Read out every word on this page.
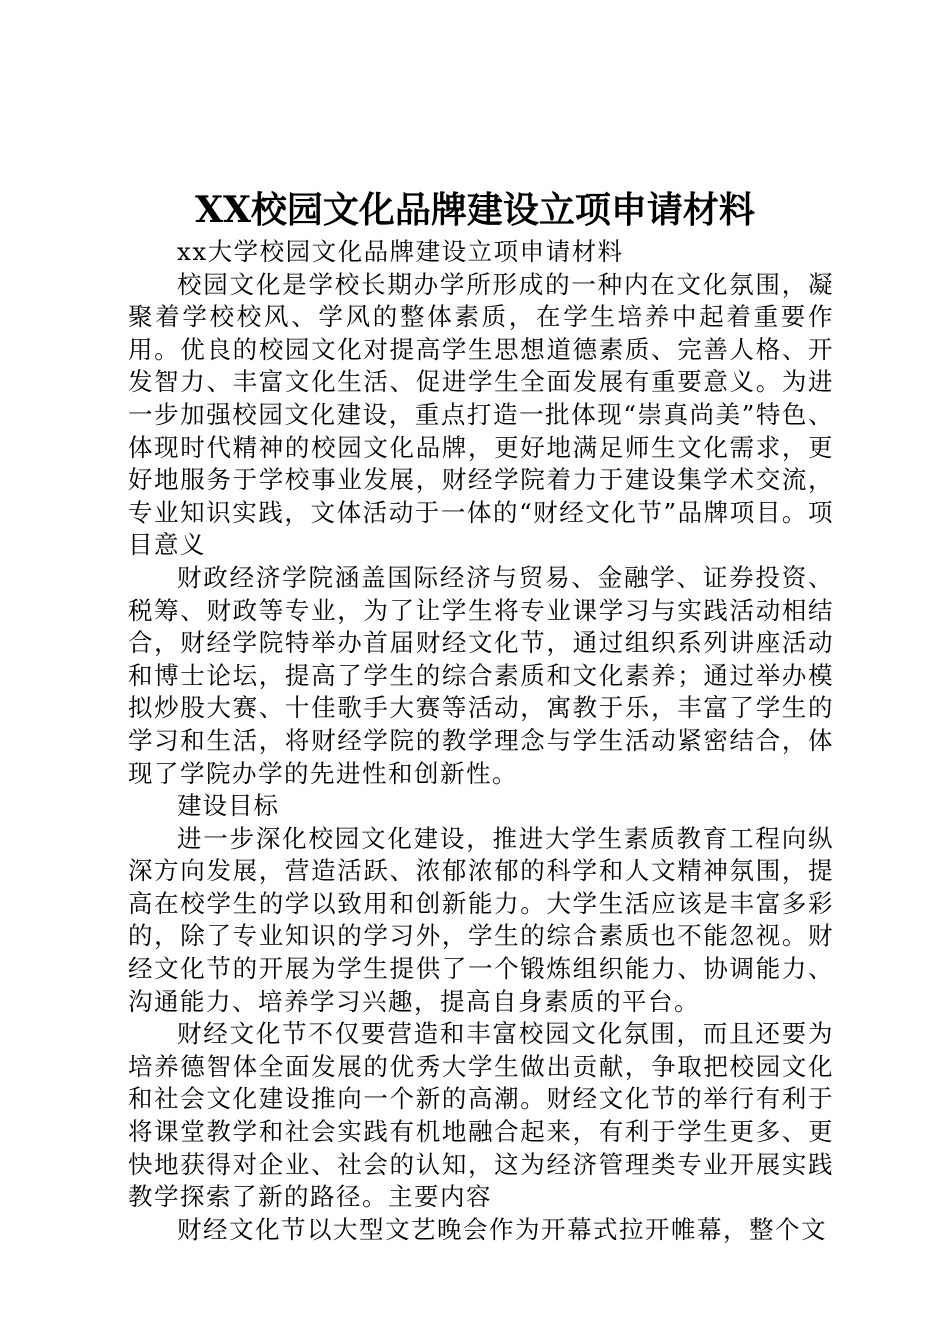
XX校园文化品牌建设立项申请材料

xx大学校园文化品牌建设立项申请材料

校园文化是学校长期办学所形成的一种内在文化氛围，凝聚着学校校风、学风的整体素质，在学生培养中起着重要作用。优良的校园文化对提高学生思想道德素质、完善人格、开发智力、丰富文化生活、促进学生全面发展有重要意义。为进一步加强校园文化建设，重点打造一批体现“崇真尚美”特色、体现时代精神的校园文化品牌，更好地满足师生文化需求，更好地服务于学校事业发展，财经学院着力于建设集学术交流，专业知识实践，文体活动于一体的“财经文化节”品牌项目。项目意义

财政经济学院涵盖国际经济与贸易、金融学、证券投资、税筹、财政等专业，为了让学生将专业课学习与实践活动相结合，财经学院特举办首届财经文化节，通过组织系列讲座活动和博士论坛，提高了学生的综合素质和文化素养；通过举办模拟炒股大赛、十佳歌手大赛等活动，寓教于乐，丰富了学生的学习和生活，将财经学院的教学理念与学生活动紧密结合，体现了学院办学的先进性和创新性。

建设目标

进一步深化校园文化建设，推进大学生素质教育工程向纵深方向发展，营造活跃、浓郁浓郁的科学和人文精神氛围，提高在校学生的学以致用和创新能力。大学生活应该是丰富多彩的，除了专业知识的学习外，学生的综合素质也不能忽视。财经文化节的开展为学生提供了一个锻炼组织能力、协调能力、沟通能力、培养学习兴趣，提高自身素质的平台。

财经文化节不仅要营造和丰富校园文化氛围，而且还要为培养德智体全面发展的优秀大学生做出贡献，争取把校园文化和社会文化建设推向一个新的高潮。财经文化节的举行有利于将课堂教学和社会实践有机地融合起来，有利于学生更多、更快地获得对企业、社会的认知，这为经济管理类专业开展实践教学探索了新的路径。主要内容

财经文化节以大型文艺晚会作为开幕式拉开帷幕，整个文
